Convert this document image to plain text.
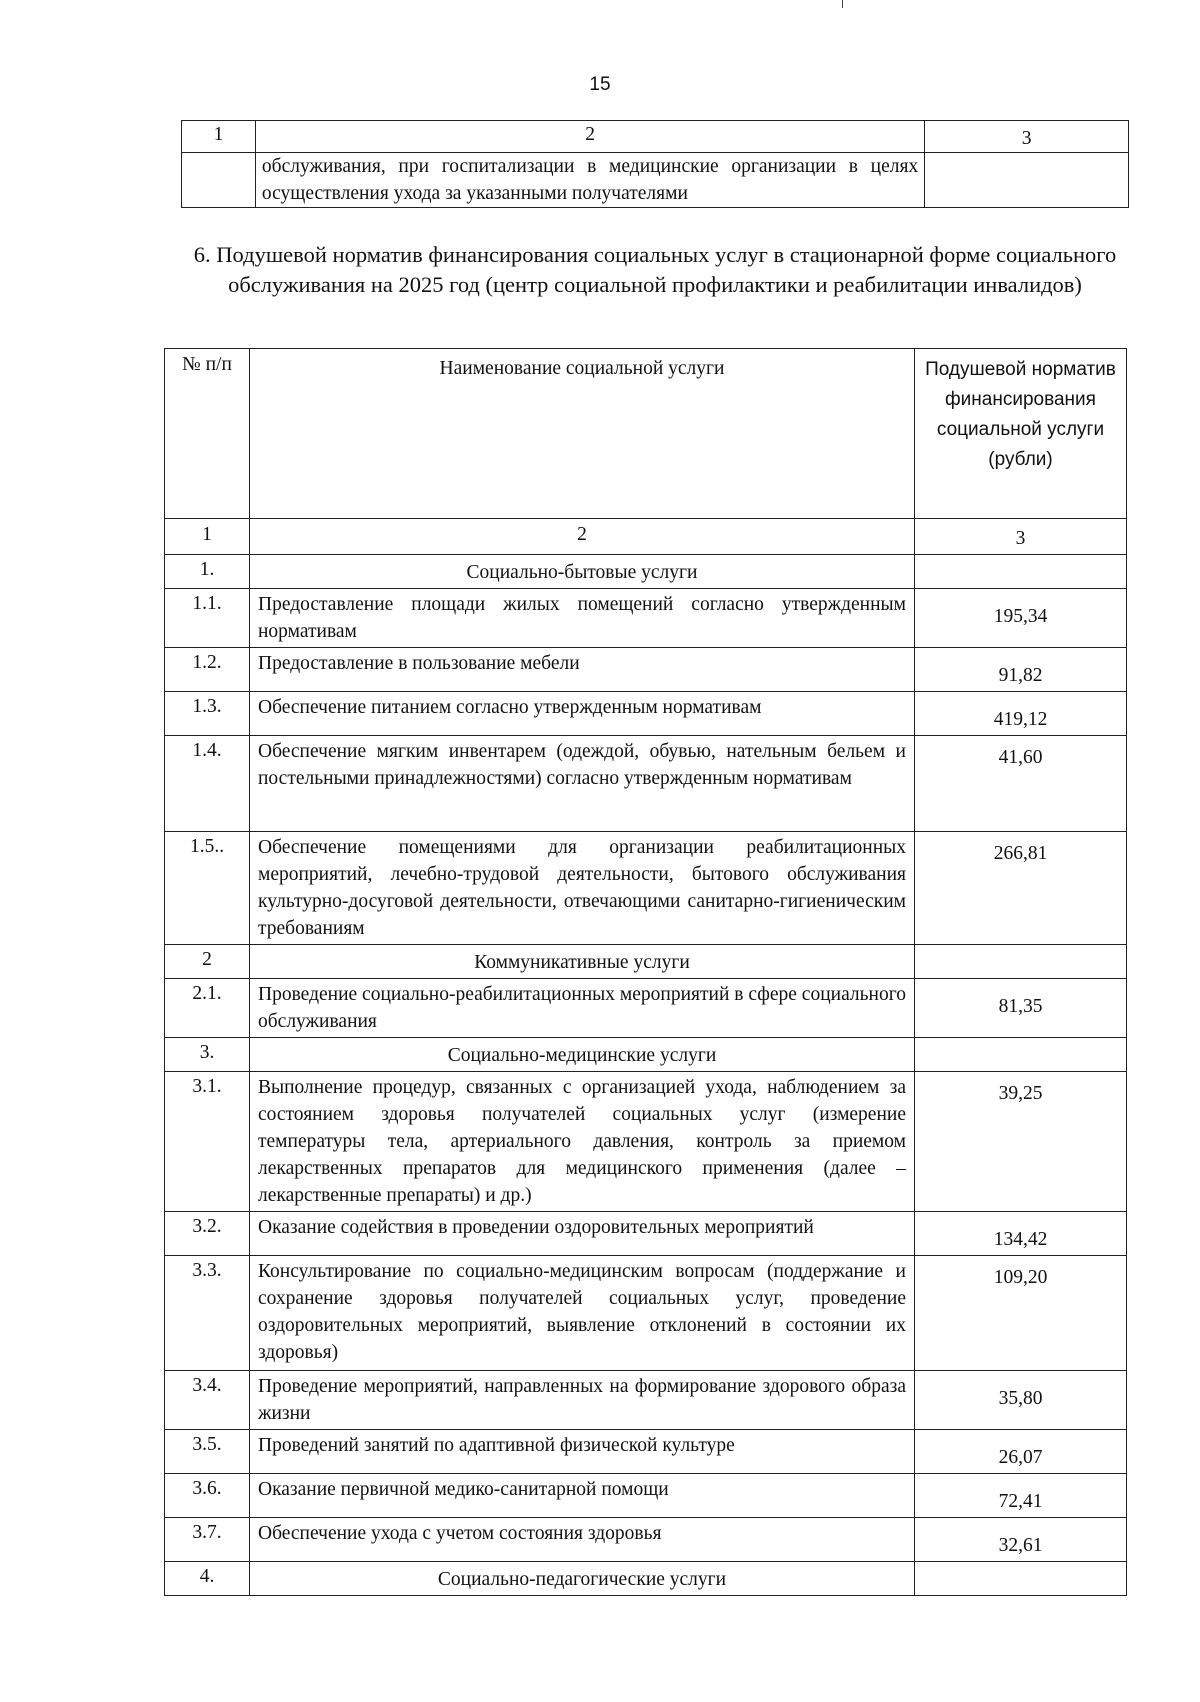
15
1	2	3
	обслуживания, при госпитализации в медицинские организации в целях осуществления ухода за указанными получателями	
6. Подушевой норматив финансирования социальных услуг в стационарной форме социального обслуживания на 2025 год (центр социальной профилактики и реабилитации инвалидов)
№ п/п	Наименование социальной услуги	Подушевой норматив финансирования социальной услуги (рубли)
1	2	3
1.	Социально-бытовые услуги	
1.1.	Предоставление площади жилых помещений согласно утвержденным нормативам	195,34
1.2.	Предоставление в пользование мебели	91,82
1.3.	Обеспечение питанием согласно утвержденным нормативам	419,12
1.4.	Обеспечение мягким инвентарем (одеждой, обувью, нательным бельем и постельными принадлежностями) согласно утвержденным нормативам	41,60
1.5..	Обеспечение помещениями для организации реабилитационных мероприятий, лечебно-трудовой деятельности, бытового обслуживания культурно-досуговой деятельности, отвечающими санитарно-гигиеническим требованиям	266,81
2	Коммуникативные услуги	
2.1.	Проведение социально-реабилитационных мероприятий в сфере социального обслуживания	81,35
3.	Социально-медицинские услуги	
3.1.	Выполнение процедур, связанных с организацией ухода, наблюдением за состоянием здоровья получателей социальных услуг (измерение температуры тела, артериального давления, контроль за приемом лекарственных препаратов для медицинского применения (далее – лекарственные препараты) и др.)	39,25
3.2.	Оказание содействия в проведении оздоровительных мероприятий	134,42
3.3.	Консультирование по социально-медицинским вопросам (поддержание и сохранение здоровья получателей социальных услуг, проведение оздоровительных мероприятий, выявление отклонений в состоянии их здоровья)	109,20
3.4.	Проведение мероприятий, направленных на формирование здорового образа жизни	35,80
3.5.	Проведений занятий по адаптивной физической культуре	26,07
3.6.	Оказание первичной медико-санитарной помощи	72,41
3.7.	Обеспечение ухода с учетом состояния здоровья	32,61
4.	Социально-педагогические услуги	
